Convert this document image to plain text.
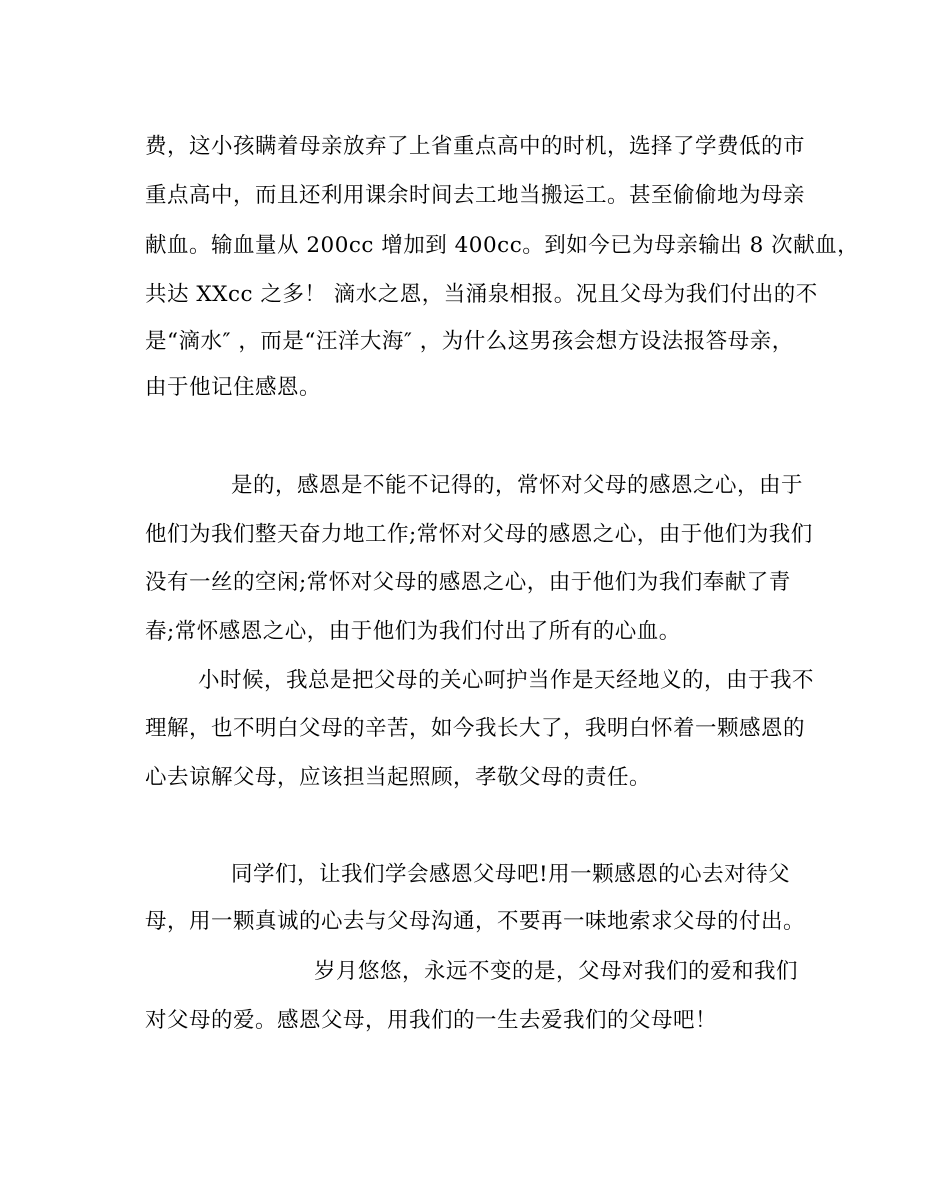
费，这小孩瞒着母亲放弃了上省重点高中的时机，选择了学费低的市
重点高中，而且还利用课余时间去工地当搬运工。甚至偷偷地为母亲
献血。输血量从 200cc 增加到 400cc。到如今已为母亲输出 8 次献血，
共达 XXcc 之多！ 滴水之恩，当涌泉相报。况且父母为我们付出的不
是“滴水″ ，而是“汪洋大海″ ，为什么这男孩会想方设法报答母亲，
由于他记住感恩。
是的，感恩是不能不记得的，常怀对父母的感恩之心，由于
他们为我们整天奋力地工作;常怀对父母的感恩之心，由于他们为我们
没有一丝的空闲;常怀对父母的感恩之心，由于他们为我们奉献了青
春;常怀感恩之心，由于他们为我们付出了所有的心血。
小时候，我总是把父母的关心呵护当作是天经地义的，由于我不
理解，也不明白父母的辛苦，如今我长大了，我明白怀着一颗感恩的
心去谅解父母，应该担当起照顾，孝敬父母的责任。
同学们，让我们学会感恩父母吧!用一颗感恩的心去对待父
母，用一颗真诚的心去与父母沟通，不要再一味地索求父母的付出。
岁月悠悠，永远不变的是，父母对我们的爱和我们
对父母的爱。感恩父母，用我们的一生去爱我们的父母吧！
